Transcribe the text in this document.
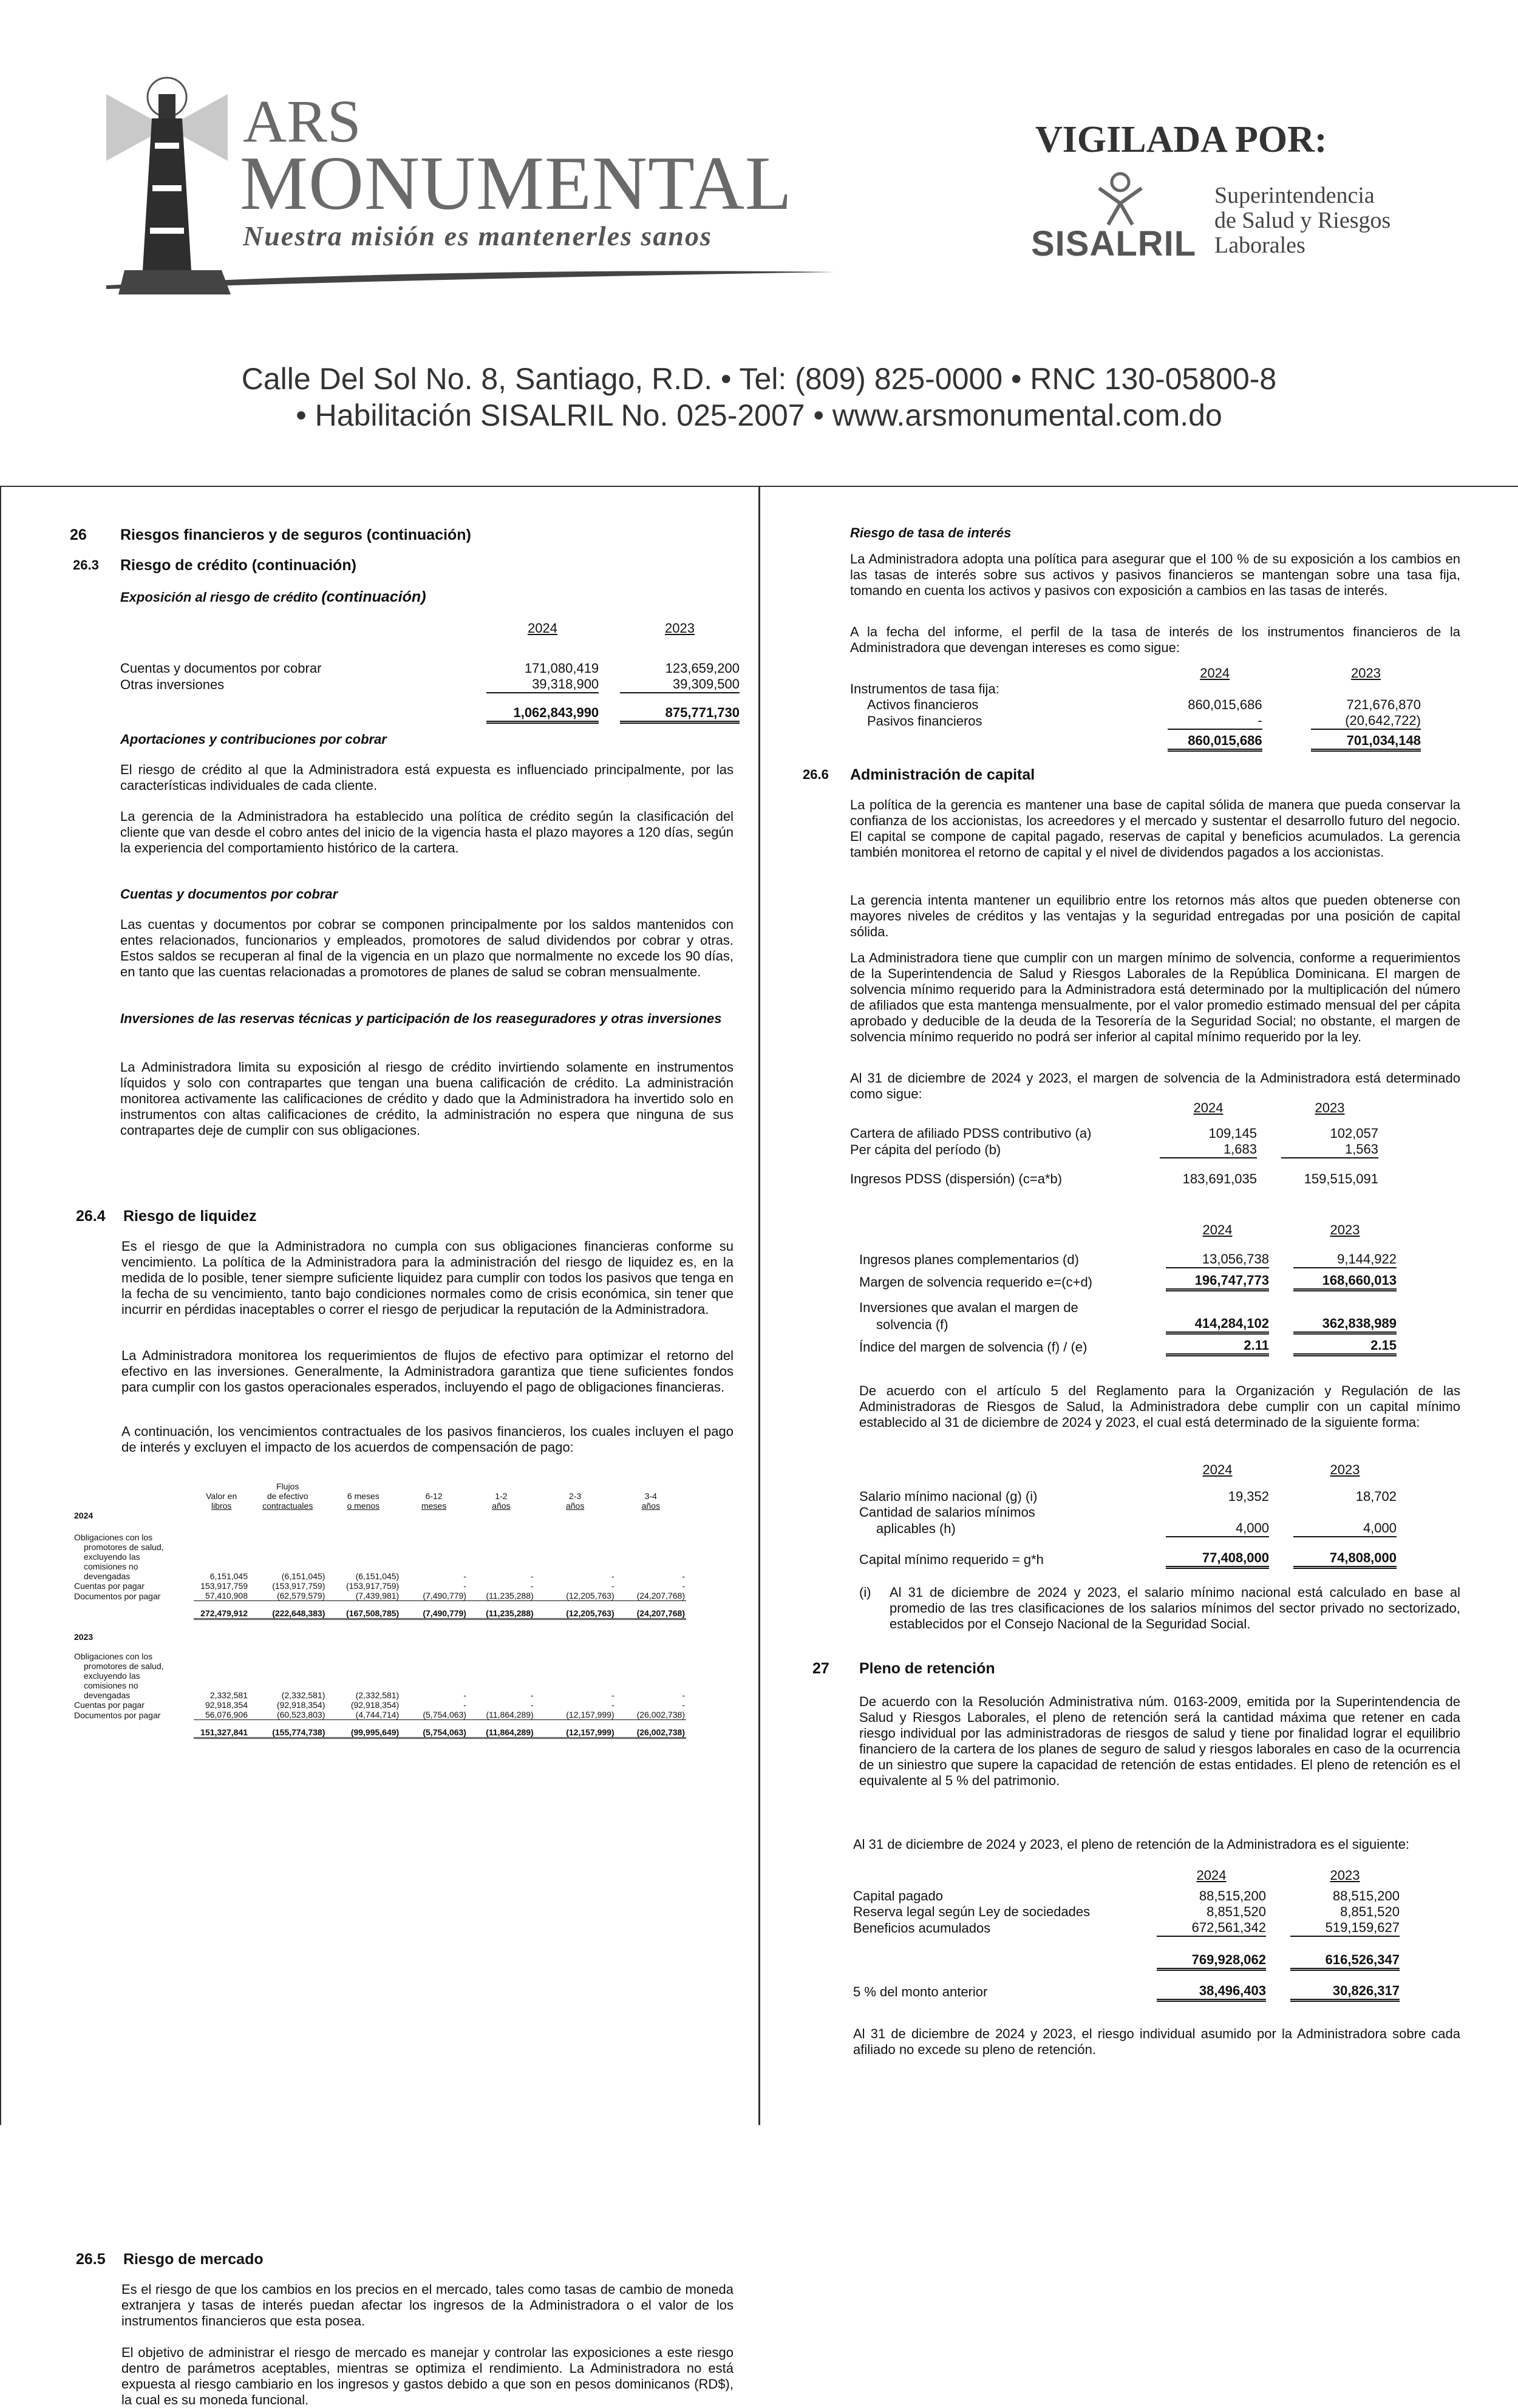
ARS
MONUMENTAL
Nuestra misión es mantenerles sanos
VIGILADA POR:
SISALRIL
Superintendencia
de Salud y Riesgos
Laborales
Calle Del Sol No. 8, Santiago, R.D. • Tel: (809) 825-0000 • RNC 130-05800-8
• Habilitación SISALRIL No. 025-2007 • www.arsmonumental.com.do
26 Riesgos financieros y de seguros (continuación)
26.3 Riesgo de crédito (continuación)
Exposición al riesgo de crédito (continuación)
	2024		2023

Cuentas y documentos por cobrar	171,080,419		123,659,200
Otras inversiones	39,318,900		39,309,500

	1,062,843,990		875,771,730
Aportaciones y contribuciones por cobrar

El riesgo de crédito al que la Administradora está expuesta es influenciado principalmente, por las características individuales de cada cliente.

La gerencia de la Administradora ha establecido una política de crédito según la clasificación del cliente que van desde el cobro antes del inicio de la vigencia hasta el plazo mayores a 120 días, según la experiencia del comportamiento histórico de la cartera.

Cuentas y documentos por cobrar

Las cuentas y documentos por cobrar se componen principalmente por los saldos mantenidos con entes relacionados, funcionarios y empleados, promotores de salud dividendos por cobrar y otras. Estos saldos se recuperan al final de la vigencia en un plazo que normalmente no excede los 90 días, en tanto que las cuentas relacionadas a promotores de planes de salud se cobran mensualmente.

Inversiones de las reservas técnicas y participación de los reaseguradores y otras inversiones

La Administradora limita su exposición al riesgo de crédito invirtiendo solamente en instrumentos líquidos y solo con contrapartes que tengan una buena calificación de crédito. La administración monitorea activamente las calificaciones de crédito y dado que la Administradora ha invertido solo en instrumentos con altas calificaciones de crédito, la administración no espera que ninguna de sus contrapartes deje de cumplir con sus obligaciones.

26.4 Riesgo de liquidez

Es el riesgo de que la Administradora no cumpla con sus obligaciones financieras conforme su vencimiento. La política de la Administradora para la administración del riesgo de liquidez es, en la medida de lo posible, tener siempre suficiente liquidez para cumplir con todos los pasivos que tenga en la fecha de su vencimiento, tanto bajo condiciones normales como de crisis económica, sin tener que incurrir en pérdidas inaceptables o correr el riesgo de perjudicar la reputación de la Administradora.

La Administradora monitorea los requerimientos de flujos de efectivo para optimizar el retorno del efectivo en las inversiones. Generalmente, la Administradora garantiza que tiene suficientes fondos para cumplir con los gastos operacionales esperados, incluyendo el pago de obligaciones financieras.

A continuación, los vencimientos contractuales de los pasivos financieros, los cuales incluyen el pago de interés y excluyen el impacto de los acuerdos de compensación de pago:

		Flujos					
	Valor en	de efectivo	6 meses	6-12	1-2	2-3	3-4
	libros	contractuales	o menos	meses	años	años	años
2024							

Obligaciones con los							
promotores de salud,							
excluyendo las							
comisiones no							
devengadas	6,151,045	(6,151,045)	(6,151,045)	-	-	-	-
Cuentas por pagar	153,917,759	(153,917,759)	(153,917,759)	-	-	-	-
Documentos por pagar	57,410,908	(62,579,579)	(7,439,981)	(7,490,779)	(11,235,288)	(12,205,763)	(24,207,768)

	272,479,912	(222,648,383)	(167,508,785)	(7,490,779)	(11,235,288)	(12,205,763)	(24,207,768)

2023							

Obligaciones con los							
promotores de salud,							
excluyendo las							
comisiones no							
devengadas	2,332,581	(2,332,581)	(2,332,581)	-	-	-	-
Cuentas por pagar	92,918,354	(92,918,354)	(92,918,354)	-	-	-	-
Documentos por pagar	56,076,906	(60,523,803)	(4,744,714)	(5,754,063)	(11,864,289)	(12,157,999)	(26,002,738)

	151,327,841	(155,774,738)	(99,995,649)	(5,754,063)	(11,864,289)	(12,157,999)	(26,002,738)
26.5 Riesgo de mercado

Es el riesgo de que los cambios en los precios en el mercado, tales como tasas de cambio de moneda extranjera y tasas de interés puedan afectar los ingresos de la Administradora o el valor de los instrumentos financieros que esta posea.

El objetivo de administrar el riesgo de mercado es manejar y controlar las exposiciones a este riesgo dentro de parámetros aceptables, mientras se optimiza el rendimiento. La Administradora no está expuesta al riesgo cambiario en los ingresos y gastos debido a que son en pesos dominicanos (RD$), la cual es su moneda funcional.

Riesgo de tasa de interés

La Administradora adopta una política para asegurar que el 100 % de su exposición a los cambios en las tasas de interés sobre sus activos y pasivos financieros se mantengan sobre una tasa fija, tomando en cuenta los activos y pasivos con exposición a cambios en las tasas de interés.

A la fecha del informe, el perfil de la tasa de interés de los instrumentos financieros de la Administradora que devengan intereses es como sigue:

	2024		2023
Instrumentos de tasa fija:			
Activos financieros	860,015,686		721,676,870
Pasivos financieros	-		(20,642,722)

	860,015,686		701,034,148
26.6 Administración de capital

La política de la gerencia es mantener una base de capital sólida de manera que pueda conservar la confianza de los accionistas, los acreedores y el mercado y sustentar el desarrollo futuro del negocio. El capital se compone de capital pagado, reservas de capital y beneficios acumulados. La gerencia también monitorea el retorno de capital y el nivel de dividendos pagados a los accionistas.

La gerencia intenta mantener un equilibrio entre los retornos más altos que pueden obtenerse con mayores niveles de créditos y las ventajas y la seguridad entregadas por una posición de capital sólida.

La Administradora tiene que cumplir con un margen mínimo de solvencia, conforme a requerimientos de la Superintendencia de Salud y Riesgos Laborales de la República Dominicana. El margen de solvencia mínimo requerido para la Administradora está determinado por la multiplicación del número de afiliados que esta mantenga mensualmente, por el valor promedio estimado mensual del per cápita aprobado y deducible de la deuda de la Tesorería de la Seguridad Social; no obstante, el margen de solvencia mínimo requerido no podrá ser inferior al capital mínimo requerido por la ley.

Al 31 de diciembre de 2024 y 2023, el margen de solvencia de la Administradora está determinado como sigue:

	2024		2023

Cartera de afiliado PDSS contributivo (a)	109,145		102,057
Per cápita del período (b)	1,683		1,563

Ingresos PDSS (dispersión) (c=a*b)	183,691,035		159,515,091
	2024		2023

Ingresos planes complementarios (d)	13,056,738		9,144,922

Margen de solvencia requerido e=(c+d)	196,747,773		168,660,013

Inversiones que avalan el margen de			
solvencia (f)	414,284,102		362,838,989

Índice del margen de solvencia (f) / (e)	2.11		2.15

De acuerdo con el artículo 5 del Reglamento para la Organización y Regulación de las Administradoras de Riesgos de Salud, la Administradora debe cumplir con un capital mínimo establecido al 31 de diciembre de 2024 y 2023, el cual está determinado de la siguiente forma:

	2024		2023

Salario mínimo nacional (g) (i)	19,352		18,702
Cantidad de salarios mínimos			
aplicables (h)	4,000		4,000

Capital mínimo requerido = g*h	77,408,000		74,808,000
(i) Al 31 de diciembre de 2024 y 2023, el salario mínimo nacional está calculado en base al promedio de las tres clasificaciones de los salarios mínimos del sector privado no sectorizado, establecidos por el Consejo Nacional de la Seguridad Social.

27 Pleno de retención

De acuerdo con la Resolución Administrativa núm. 0163-2009, emitida por la Superintendencia de Salud y Riesgos Laborales, el pleno de retención será la cantidad máxima que retener en cada riesgo individual por las administradoras de riesgos de salud y tiene por finalidad lograr el equilibrio financiero de la cartera de los planes de seguro de salud y riesgos laborales en caso de la ocurrencia de un siniestro que supere la capacidad de retención de estas entidades. El pleno de retención es el equivalente al 5 % del patrimonio.

Al 31 de diciembre de 2024 y 2023, el pleno de retención de la Administradora es el siguiente:

	2024		2023

Capital pagado	88,515,200		88,515,200
Reserva legal según Ley de sociedades	8,851,520		8,851,520
Beneficios acumulados	672,561,342		519,159,627

	769,928,062		616,526,347

5 % del monto anterior	38,496,403		30,826,317

Al 31 de diciembre de 2024 y 2023, el riesgo individual asumido por la Administradora sobre cada afiliado no excede su pleno de retención.
